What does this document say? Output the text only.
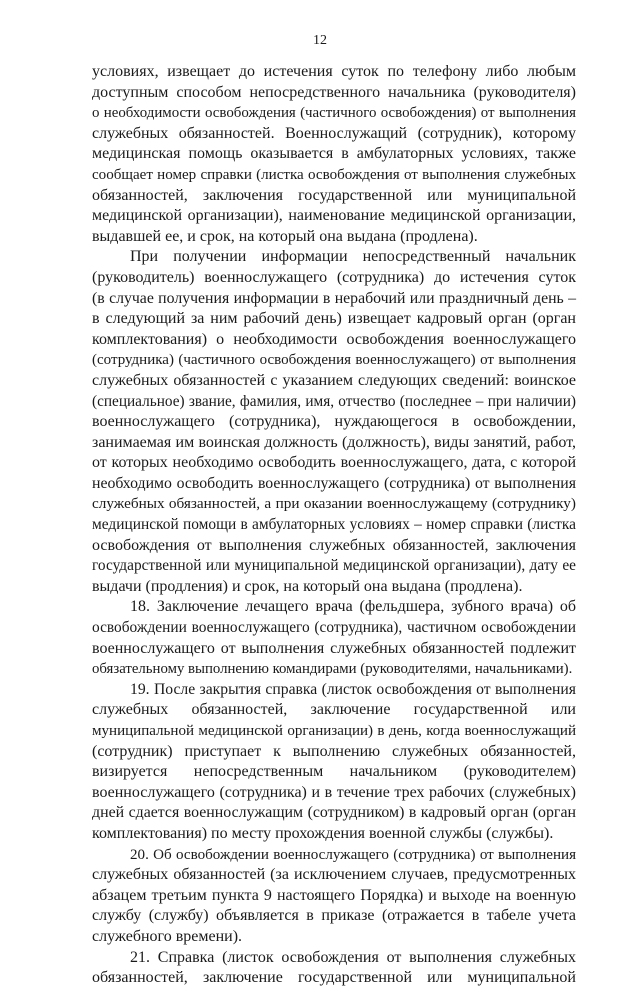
12
условиях, извещает до истечения суток по телефону либо любым
доступным способом непосредственного начальника (руководителя)
о необходимости освобождения (частичного освобождения) от выполнения
служебных обязанностей. Военнослужащий (сотрудник), которому
медицинская помощь оказывается в амбулаторных условиях, также
сообщает номер справки (листка освобождения от выполнения служебных
обязанностей, заключения государственной или муниципальной
медицинской организации), наименование медицинской организации,
выдавшей ее, и срок, на который она выдана (продлена).
При получении информации непосредственный начальник
(руководитель) военнослужащего (сотрудника) до истечения суток
(в случае получения информации в нерабочий или праздничный день –
в следующий за ним рабочий день) извещает кадровый орган (орган
комплектования) о необходимости освобождения военнослужащего
(сотрудника) (частичного освобождения военнослужащего) от выполнения
служебных обязанностей с указанием следующих сведений: воинское
(специальное) звание, фамилия, имя, отчество (последнее – при наличии)
военнослужащего (сотрудника), нуждающегося в освобождении,
занимаемая им воинская должность (должность), виды занятий, работ,
от которых необходимо освободить военнослужащего, дата, с которой
необходимо освободить военнослужащего (сотрудника) от выполнения
служебных обязанностей, а при оказании военнослужащему (сотруднику)
медицинской помощи в амбулаторных условиях – номер справки (листка
освобождения от выполнения служебных обязанностей, заключения
государственной или муниципальной медицинской организации), дату ее
выдачи (продления) и срок, на который она выдана (продлена).
18. Заключение лечащего врача (фельдшера, зубного врача) об
освобождении военнослужащего (сотрудника), частичном освобождении
военнослужащего от выполнения служебных обязанностей подлежит
обязательному выполнению командирами (руководителями, начальниками).
19. После закрытия справка (листок освобождения от выполнения
служебных обязанностей, заключение государственной или
муниципальной медицинской организации) в день, когда военнослужащий
(сотрудник) приступает к выполнению служебных обязанностей,
визируется непосредственным начальником (руководителем)
военнослужащего (сотрудника) и в течение трех рабочих (служебных)
дней сдается военнослужащим (сотрудником) в кадровый орган (орган
комплектования) по месту прохождения военной службы (службы).
20. Об освобождении военнослужащего (сотрудника) от выполнения
служебных обязанностей (за исключением случаев, предусмотренных
абзацем третьим пункта 9 настоящего Порядка) и выходе на военную
службу (службу) объявляется в приказе (отражается в табеле учета
служебного времени).
21. Справка (листок освобождения от выполнения служебных
обязанностей, заключение государственной или муниципальной
